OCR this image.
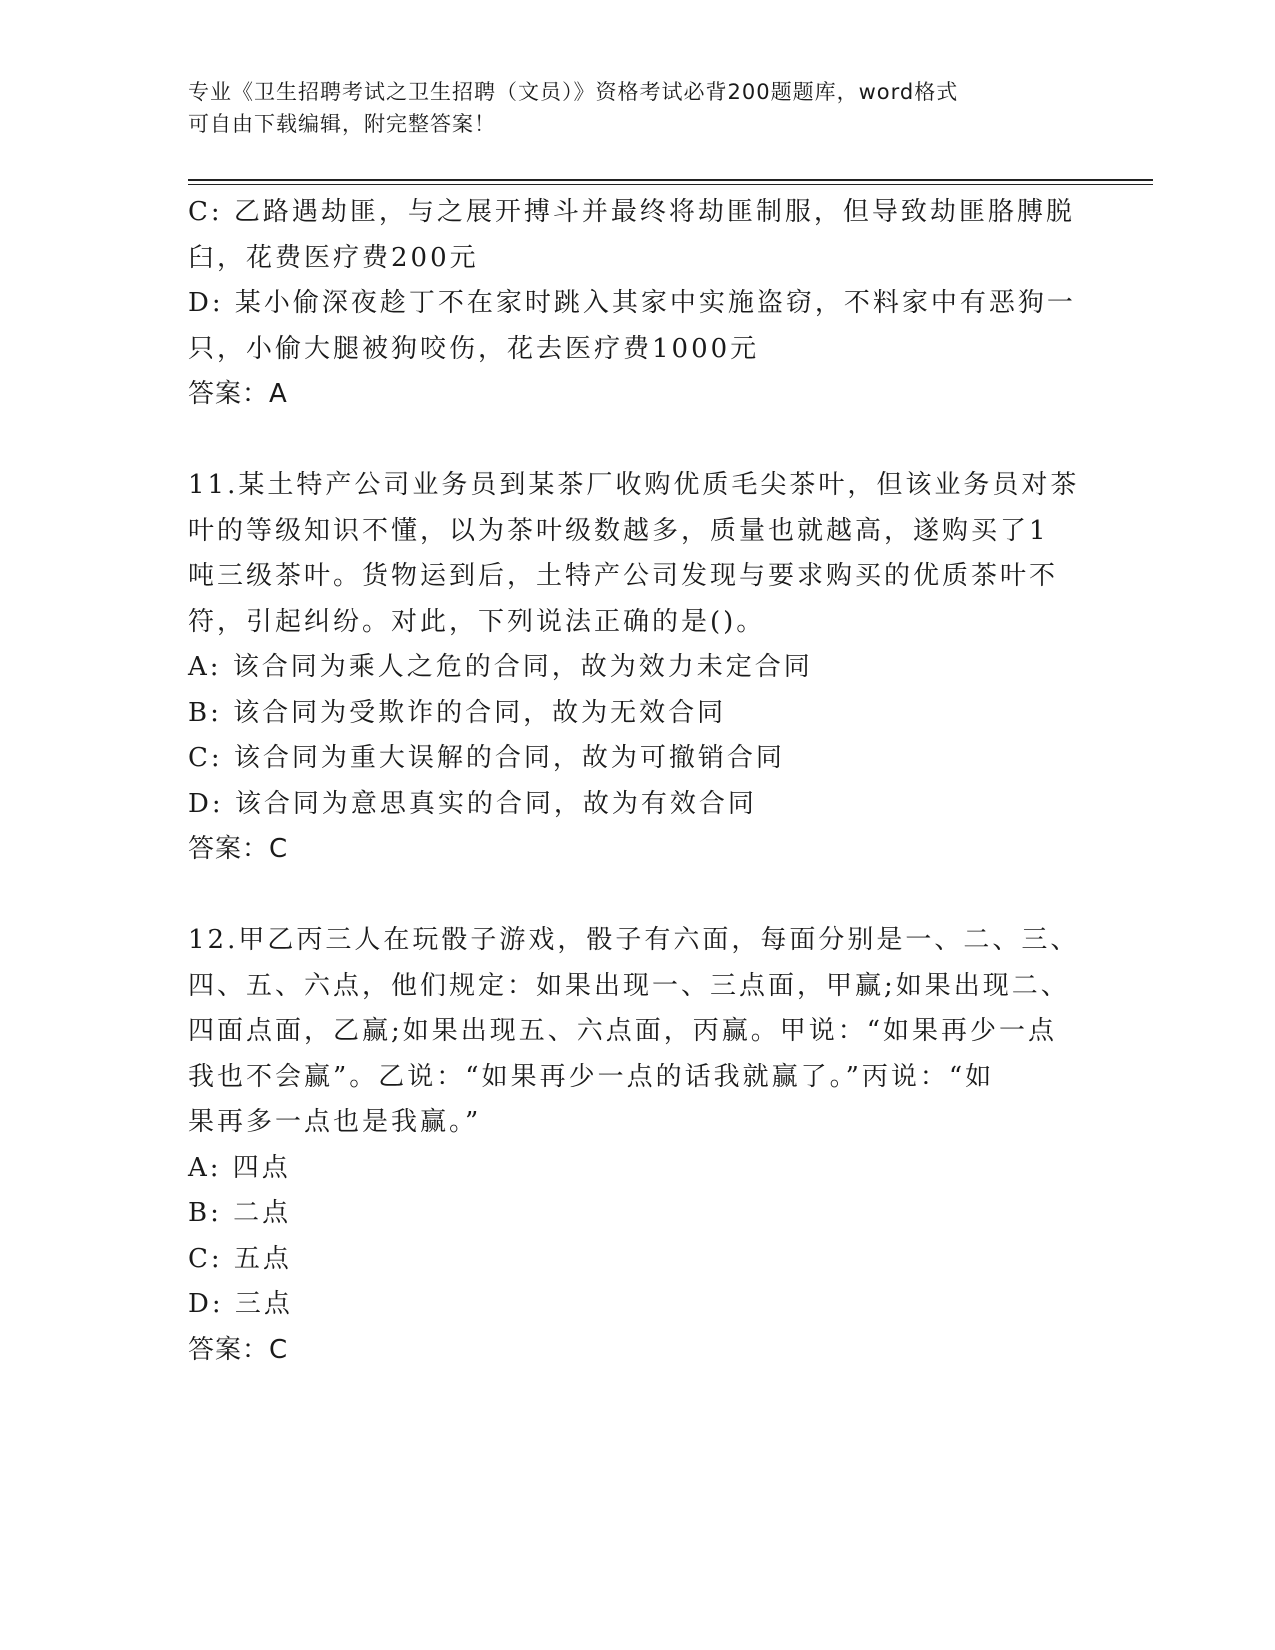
专业《卫生招聘考试之卫生招聘（文员）》资格考试必背200题题库，word格式
可自由下载编辑，附完整答案！
C: 乙路遇劫匪，与之展开搏斗并最终将劫匪制服，但导致劫匪胳膊脱
臼，花费医疗费200元
D: 某小偷深夜趁丁不在家时跳入其家中实施盗窃，不料家中有恶狗一
只，小偷大腿被狗咬伤，花去医疗费1000元
答案：A
11.某土特产公司业务员到某茶厂收购优质毛尖茶叶，但该业务员对茶
叶的等级知识不懂，以为茶叶级数越多，质量也就越高，遂购买了1
吨三级茶叶。货物运到后，土特产公司发现与要求购买的优质茶叶不
符，引起纠纷。对此，下列说法正确的是()。
A: 该合同为乘人之危的合同，故为效力未定合同
B: 该合同为受欺诈的合同，故为无效合同
C: 该合同为重大误解的合同，故为可撤销合同
D: 该合同为意思真实的合同，故为有效合同
答案：C
12.甲乙丙三人在玩骰子游戏，骰子有六面，每面分别是一、二、三、
四、五、六点，他们规定：如果出现一、三点面，甲赢;如果出现二、
四面点面，乙赢;如果出现五、六点面，丙赢。甲说：“如果再少一点
我也不会赢”。乙说：“如果再少一点的话我就赢了。”丙说：“如
果再多一点也是我赢。”
A: 四点
B: 二点
C: 五点
D: 三点
答案：C
